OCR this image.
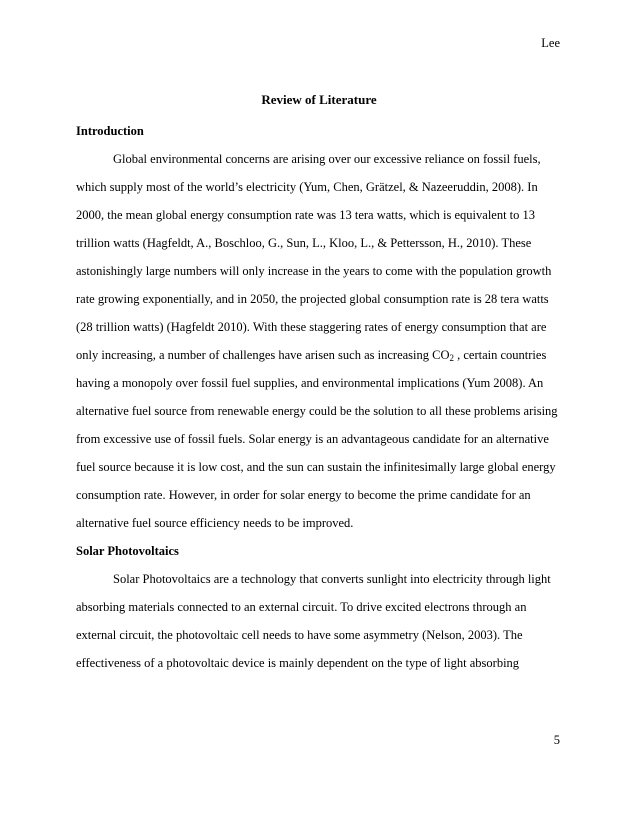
Lee
Review of Literature
Introduction
Global environmental concerns are arising over our excessive reliance on fossil fuels,
which supply most of the world’s electricity (Yum, Chen, Grätzel, & Nazeeruddin, 2008). In
2000, the mean global energy consumption rate was 13 tera watts, which is equivalent to 13
trillion watts (Hagfeldt, A., Boschloo, G., Sun, L., Kloo, L., & Pettersson, H., 2010). These
astonishingly large numbers will only increase in the years to come with the population growth
rate growing exponentially, and in 2050, the projected global consumption rate is 28 tera watts
(28 trillion watts) (Hagfeldt 2010). With these staggering rates of energy consumption that are
only increasing, a number of challenges have arisen such as increasing $CO_2$ , certain countries
having a monopoly over fossil fuel supplies, and environmental implications (Yum 2008). An
alternative fuel source from renewable energy could be the solution to all these problems arising
from excessive use of fossil fuels. Solar energy is an advantageous candidate for an alternative
fuel source because it is low cost, and the sun can sustain the infinitesimally large global energy
consumption rate. However, in order for solar energy to become the prime candidate for an
alternative fuel source efficiency needs to be improved.
Solar Photovoltaics
Solar Photovoltaics are a technology that converts sunlight into electricity through light
absorbing materials connected to an external circuit. To drive excited electrons through an
external circuit, the photovoltaic cell needs to have some asymmetry (Nelson, 2003). The
effectiveness of a photovoltaic device is mainly dependent on the type of light absorbing
5
